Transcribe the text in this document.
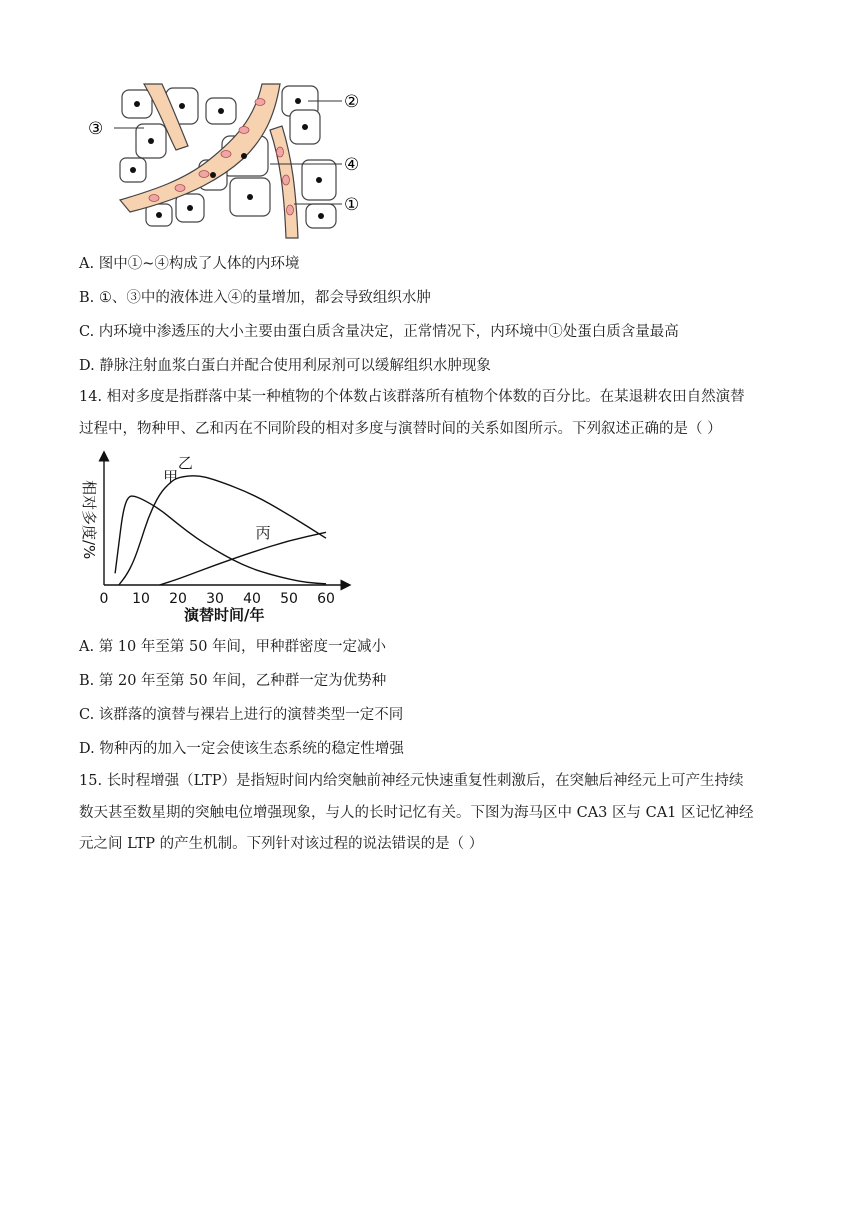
③
②
④
①
A. 图中①~④构成了人体的内环境
B. ①、③中的液体进入④的量增加，都会导致组织水肿
C. 内环境中渗透压的大小主要由蛋白质含量决定，正常情况下，内环境中①处蛋白质含量最高
D. 静脉注射血浆白蛋白并配合使用利尿剂可以缓解组织水肿现象
14. 相对多度是指群落中某一种植物的个体数占该群落所有植物个体数的百分比。在某退耕农田自然演替
过程中，物种甲、乙和丙在不同阶段的相对多度与演替时间的关系如图所示。下列叙述正确的是（ ）
甲
乙
丙
0 10 20 30 40 50 60
相对多度/%
演替时间/年
A. 第 10 年至第 50 年间，甲种群密度一定减小
B. 第 20 年至第 50 年间，乙种群一定为优势种
C. 该群落的演替与裸岩上进行的演替类型一定不同
D. 物种丙的加入一定会使该生态系统的稳定性增强
15. 长时程增强（LTP）是指短时间内给突触前神经元快速重复性刺激后，在突触后神经元上可产生持续
数天甚至数星期的突触电位增强现象，与人的长时记忆有关。下图为海马区中 CA3 区与 CA1 区记忆神经
元之间 LTP 的产生机制。下列针对该过程的说法错误的是（ ）
